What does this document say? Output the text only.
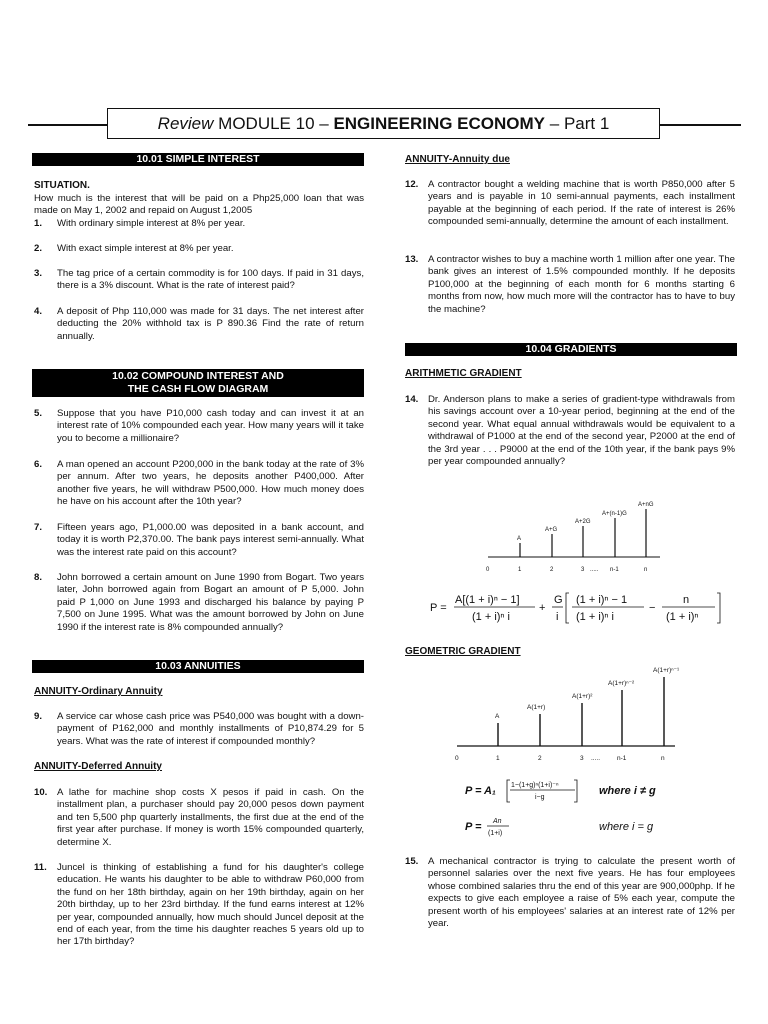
Review
MODULE 10 –
ENGINEERING ECONOMY
– Part 1
10.01 SIMPLE INTEREST
SITUATION.
How much is the interest that will be paid on a Php25,000 loan that was made on May 1, 2002 and repaid on August 1,2005
1. With ordinary simple interest at 8% per year.
2. With exact simple interest at 8% per year.
3. The tag price of a certain commodity is for 100 days. If paid in 31 days, there is a 3% discount. What is the rate of interest paid?
4. A deposit of Php 110,000 was made for 31 days. The net interest after deducting the 20% withhold tax is P 890.36 Find the rate of return annually.
10.02 COMPOUND INTEREST AND
THE CASH FLOW DIAGRAM
5. Suppose that you have P10,000 cash today and can invest it at an interest rate of 10% compounded each year. How many years will it take you to become a millionaire?
6. A man opened an account P200,000 in the bank today at the rate of 3% per annum. After two years, he deposits another P400,000. After another five years, he will withdraw P500,000. How much money does he have on his account after the 10th year?
7. Fifteen years ago, P1,000.00 was deposited in a bank account, and today it is worth P2,370.00. The bank pays interest semi-annually. What was the interest rate paid on this account?
8. John borrowed a certain amount on June 1990 from Bogart. Two years later, John borrowed again from Bogart an amount of P 5,000. John paid P 1,000 on June 1993 and discharged his balance by paying P 7,500 on June 1995. What was the amount borrowed by John on June 1990 if the interest rate is 8% compounded annually?
10.03 ANNUITIES
ANNUITY-Ordinary Annuity
9. A service car whose cash price was P540,000 was bought with a down-payment of P162,000 and monthly installments of P10,874.29 for 5 years. What was the rate of interest if compounded monthly?
ANNUITY-Deferred Annuity
10. A lathe for machine shop costs X pesos if paid in cash. On the installment plan, a purchaser should pay 20,000 pesos down payment and ten 5,500 php quarterly installments, the first due at the end of the first year after purchase. If money is worth 15% compounded quarterly, determine X.
11. Juncel is thinking of establishing a fund for his daughter's college education. He wants his daughter to be able to withdraw P60,000 from the fund on her 18th birthday, again on her 19th birthday, again on her 20th birthday, up to her 23rd birthday. If the fund earns interest at 12% per year, compounded annually, how much should Juncel deposit at the end of each year, from the time his daughter reaches 5 years old up to her 17th birthday?
ANNUITY-Annuity due
12. A contractor bought a welding machine that is worth P850,000 after 5 years and is payable in 10 semi-annual payments, each installment payable at the beginning of each period. If the rate of interest is 26% compounded semi-annually, determine the amount of each installment.
13. A contractor wishes to buy a machine worth 1 million after one year. The bank gives an interest of 1.5% compounded monthly. If he deposits P100,000 at the beginning of each month for 6 months starting 6 months from now, how much more will the contractor has to have to buy the machine?
10.04 GRADIENTS
ARITHMETIC GRADIENT
14. Dr. Anderson plans to make a series of gradient-type withdrawals from his savings account over a 10-year period, beginning at the end of the second year. What equal annual withdrawals would be equivalent to a withdrawal of P1000 at the end of the second year, P2000 at the end of the 3rd year . . . P9000 at the end of the 10th year, if the bank pays 9% per year compounded annually?
A
A+G
A+2G
A+(n-1)G
A+nG
0	1	2	3 ..... n-1	n
P =
A[(1 + i)ⁿ − 1]
(1 + i)ⁿ i
+
G
i
(1 + i)ⁿ − 1
(1 + i)ⁿ i
−
n
(1 + i)ⁿ
GEOMETRIC GRADIENT
A
A(1+r)
A(1+r)²
A(1+r)ⁿ⁻²
A(1+r)ⁿ⁻¹
0	1	2	3 .....	n-1	n
P = A₁ 1−(1+g)ⁿ(1+i)⁻ⁿ
i−g
where i ≠ g
P = An
(1+i)
where i = g
15. A mechanical contractor is trying to calculate the present worth of personnel salaries over the next five years. He has four employees whose combined salaries thru the end of this year are 900,000php. If he expects to give each employee a raise of 5% each year, compute the present worth of his employees' salaries at an interest rate of 12% per year.
